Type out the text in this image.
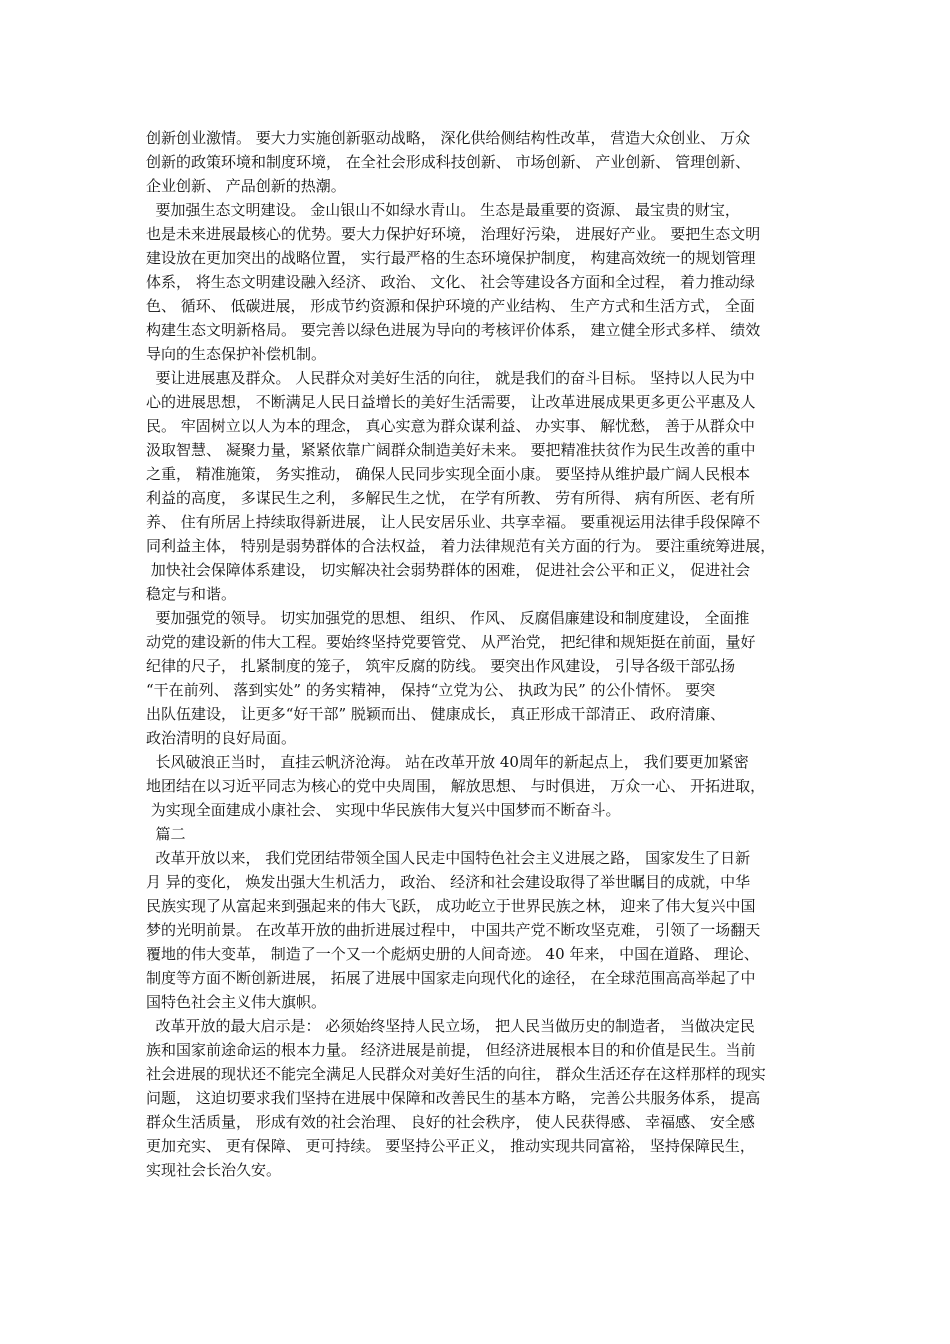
创新创业激情。 要大力实施创新驱动战略， 深化供给侧结构性改革， 营造大众创业、 万众
创新的政策环境和制度环境， 在全社会形成科技创新、 市场创新、 产业创新、 管理创新、
企业创新、 产品创新的热潮。
要加强生态文明建设。 金山银山不如绿水青山。 生态是最重要的资源、 最宝贵的财宝，
也是未来进展最核心的优势。要大力保护好环境， 治理好污染， 进展好产业。 要把生态文明
建设放在更加突出的战略位置， 实行最严格的生态环境保护制度， 构建高效统一的规划管理
体系， 将生态文明建设融入经济、 政治、 文化、 社会等建设各方面和全过程， 着力推动绿
色、 循环、 低碳进展， 形成节约资源和保护环境的产业结构、 生产方式和生活方式， 全面
构建生态文明新格局。 要完善以绿色进展为导向的考核评价体系， 建立健全形式多样、 绩效
导向的生态保护补偿机制。
要让进展惠及群众。 人民群众对美好生活的向往， 就是我们的奋斗目标。 坚持以人民为中
心的进展思想， 不断满足人民日益增长的美好生活需要， 让改革进展成果更多更公平惠及人
民。 牢固树立以人为本的理念， 真心实意为群众谋利益、 办实事、 解忧愁， 善于从群众中
汲取智慧、 凝聚力量，紧紧依靠广阔群众制造美好未来。 要把精准扶贫作为民生改善的重中
之重， 精准施策， 务实推动， 确保人民同步实现全面小康。 要坚持从维护最广阔人民根本
利益的高度， 多谋民生之利， 多解民生之忧， 在学有所教、 劳有所得、 病有所医、老有所
养、 住有所居上持续取得新进展， 让人民安居乐业、共享幸福。 要重视运用法律手段保障不
同利益主体， 特别是弱势群体的合法权益， 着力法律规范有关方面的行为。 要注重统筹进展，
加快社会保障体系建设， 切实解决社会弱势群体的困难， 促进社会公平和正义， 促进社会
稳定与和谐。
要加强党的领导。 切实加强党的思想、 组织、 作风、 反腐倡廉建设和制度建设， 全面推
动党的建设新的伟大工程。要始终坚持党要管党、 从严治党， 把纪律和规矩挺在前面，量好
纪律的尺子， 扎紧制度的笼子， 筑牢反腐的防线。 要突出作风建设， 引导各级干部弘扬
“干在前列、 落到实处” 的务实精神， 保持“立党为公、 执政为民” 的公仆情怀。 要突
出队伍建设， 让更多“好干部” 脱颖而出、 健康成长， 真正形成干部清正、 政府清廉、
政治清明的良好局面。
长风破浪正当时， 直挂云帆济沧海。 站在改革开放 40周年的新起点上， 我们要更加紧密
地团结在以习近平同志为核心的党中央周围， 解放思想、 与时俱进， 万众一心、 开拓进取，
为实现全面建成小康社会、 实现中华民族伟大复兴中国梦而不断奋斗。
篇二
改革开放以来， 我们党团结带领全国人民走中国特色社会主义进展之路， 国家发生了日新
月 异的变化， 焕发出强大生机活力， 政治、 经济和社会建设取得了举世瞩目的成就，中华
民族实现了从富起来到强起来的伟大飞跃， 成功屹立于世界民族之林， 迎来了伟大复兴中国
梦的光明前景。 在改革开放的曲折进展过程中， 中国共产党不断攻坚克难， 引领了一场翻天
覆地的伟大变革， 制造了一个又一个彪炳史册的人间奇迹。 40 年来， 中国在道路、 理论、
制度等方面不断创新进展， 拓展了进展中国家走向现代化的途径， 在全球范围高高举起了中
国特色社会主义伟大旗帜。
改革开放的最大启示是： 必须始终坚持人民立场， 把人民当做历史的制造者， 当做决定民
族和国家前途命运的根本力量。 经济进展是前提， 但经济进展根本目的和价值是民生。当前
社会进展的现状还不能完全满足人民群众对美好生活的向往， 群众生活还存在这样那样的现实
问题， 这迫切要求我们坚持在进展中保障和改善民生的基本方略， 完善公共服务体系， 提高
群众生活质量， 形成有效的社会治理、 良好的社会秩序， 使人民获得感、 幸福感、 安全感
更加充实、 更有保障、 更可持续。 要坚持公平正义， 推动实现共同富裕， 坚持保障民生，
实现社会长治久安。
